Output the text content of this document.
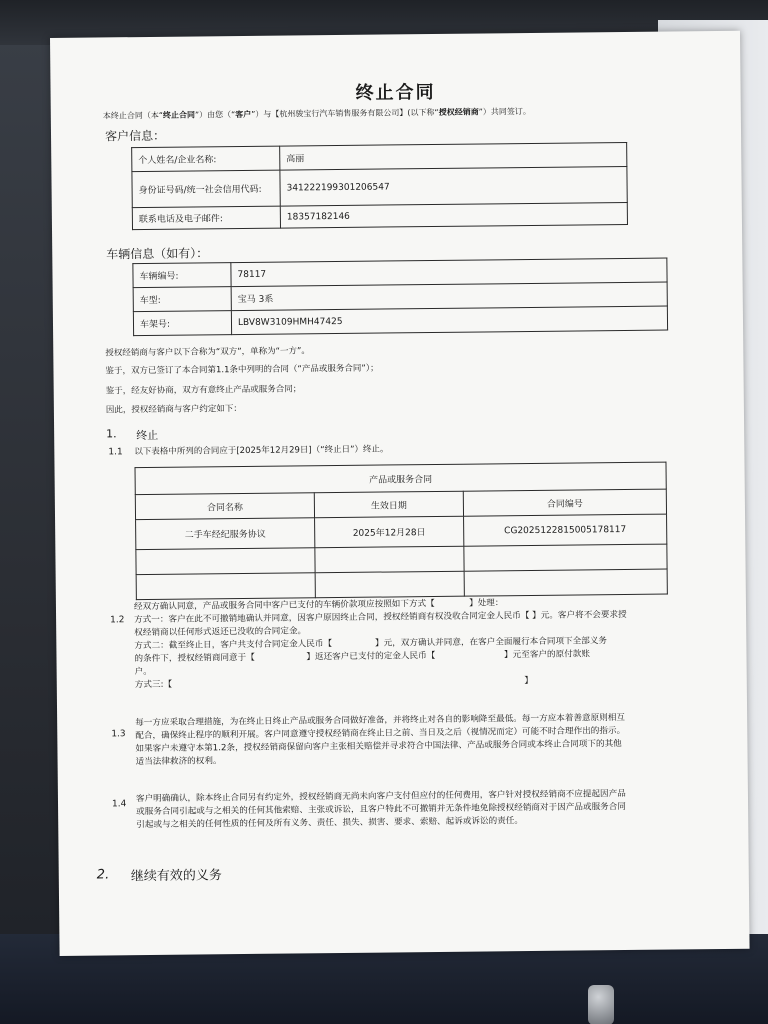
终止合同
本终止合同（本“终止合同”）由您（“客户”）与【杭州骏宝行汽车销售服务有限公司】(以下称“授权经销商”）共同签订。
客户信息：
个人姓名/企业名称:	高丽
身份证号码/统一社会信用代码:	341222199301206547
联系电话及电子邮件:	18357182146
车辆信息（如有）：
车辆编号:	78117
车型:	宝马 3系
车架号:	LBV8W3109HMH47425
授权经销商与客户以下合称为“双方”，单称为“一方”。
鉴于，双方已签订了本合同第1.1条中列明的合同（“产品或服务合同”）；
鉴于，经友好协商，双方有意终止产品或服务合同；
因此，授权经销商与客户约定如下：
1. 终止
1.1 以下表格中所列的合同应于[2025年12月29日]（“终止日”）终止。
产品或服务合同		
合同名称	生效日期	合同编号
二手车经纪服务协议	2025年12月28日	CG2025122815005178117

1.2
经双方确认同意，产品或服务合同中客户已支付的车辆价款项应按照如下方式【　　　　】处理：
方式一：客户在此不可撤销地确认并同意，因客户原因终止合同，授权经销商有权没收合同定金人民币【 】元。客户将不会要求授
权经销商以任何形式返还已没收的合同定金。
方式二：截至终止日，客户共支付合同定金人民币【　　　　　】元，双方确认并同意，在客户全面履行本合同项下全部义务
的条件下，授权经销商同意于【　　　　　　】返还客户已支付的定金人民币【　　　　　　　　】元至客户的原付款账
户。
方式三:【　　　　　　　　　　　　　　　　　　　　　　　　　　　　　　　　　　　　　　　　　】
1.3
每一方应采取合理措施，为在终止日终止产品或服务合同做好准备，并将终止对各自的影响降至最低。每一方应本着善意原则相互
配合，确保终止程序的顺利开展。客户同意遵守授权经销商在终止日之前、当日及之后（视情况而定）可能不时合理作出的指示。
如果客户未遵守本第1.2条，授权经销商保留向客户主张相关赔偿并寻求符合中国法律、产品或服务合同或本终止合同项下的其他
适当法律救济的权利。
1.4
客户明确确认，除本终止合同另有约定外，授权经销商无尚未向客户支付但应付的任何费用，客户针对授权经销商不应提起因产品
或服务合同引起或与之相关的任何其他索赔、主张或诉讼，且客户特此不可撤销并无条件地免除授权经销商对于因产品或服务合同
引起或与之相关的任何性质的任何及所有义务、责任、损失、损害、要求、索赔、起诉或诉讼的责任。
2. 继续有效的义务
